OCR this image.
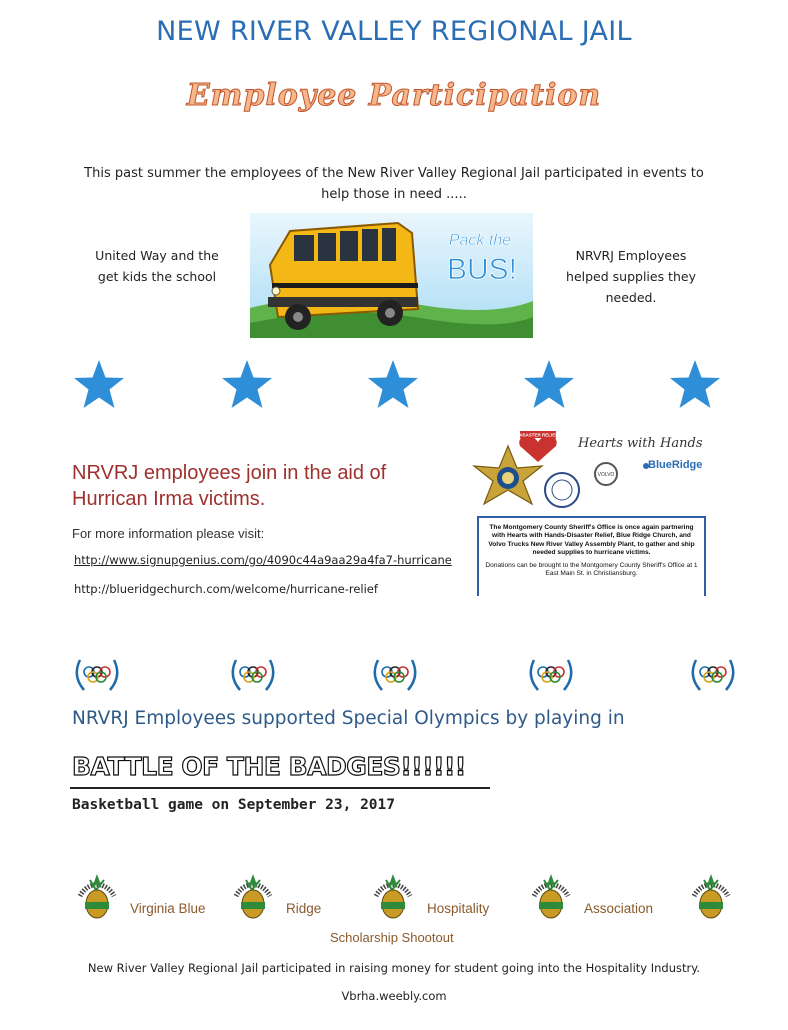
NEW RIVER VALLEY REGIONAL JAIL
Employee Participation
This past summer the employees of the New River Valley Regional Jail participated in events to help those in need .....
United Way and the get kids the school
Pack the
BUS!	NRVRJ Employees helped supplies they needed.
NRVRJ employees join in the aid of Hurrican Irma victims.
For more information please visit:
http://www.signupgenius.com/go/4090c44a9aa29a4fa7-hurricane
http://blueridgechurch.com/welcome/hurricane-relief
DISASTER RELIEF
VOLVO
Hearts with Hands
BlueRidge

The Montgomery County Sheriff's Office is once again partnering with Hearts with Hands-Disaster Relief, Blue Ridge Church, and Volvo Trucks New River Valley Assembly Plant, to gather and ship needed supplies to hurricane victims.

Donations can be brought to the Montgomery County Sheriff's Office at 1 East Main St. in Christiansburg.

NRVRJ Employees supported Special Olympics by playing in
BATTLE OF THE BADGES!!!!!!
Basketball game on September 23, 2017
Virginia Blue	Ridge	Hospitality	Association
Scholarship Shootout
New River Valley Regional Jail participated in raising money for student going into the Hospitality Industry.
Vbrha.weebly.com
